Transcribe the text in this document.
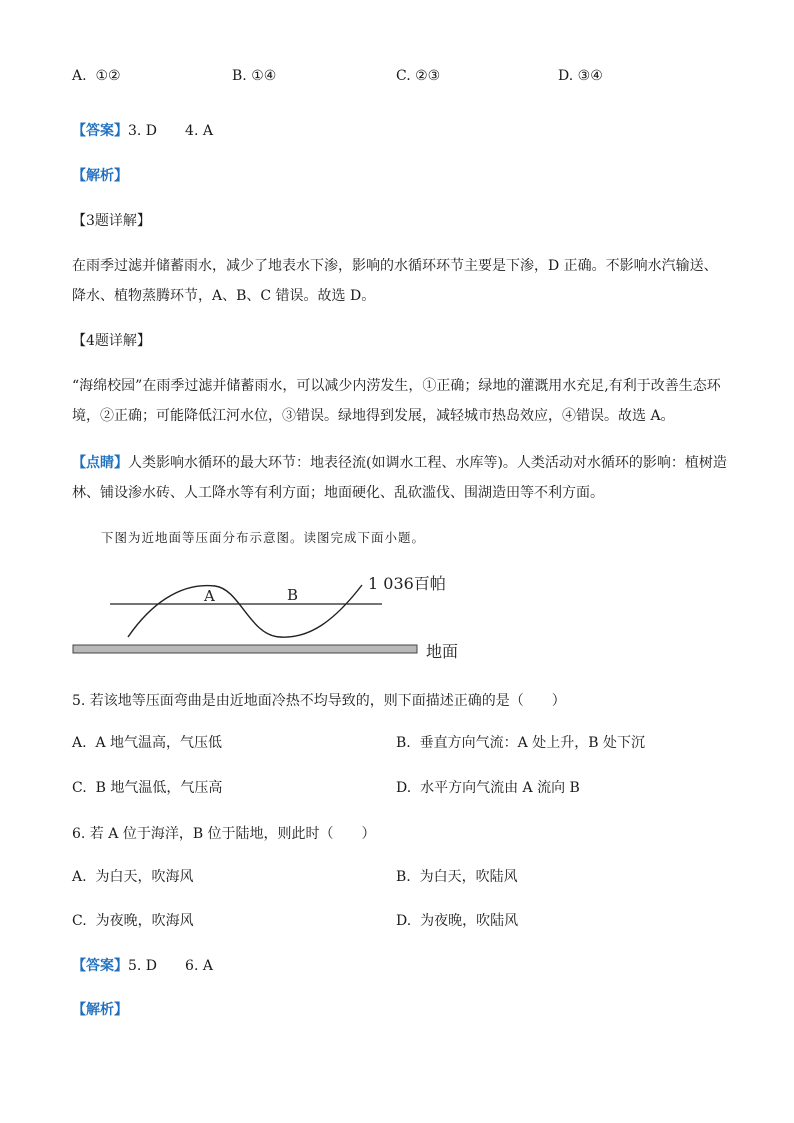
A. ①②	B. ①④	C. ②③	D. ③④
【答案】3. D　　4. A
【解析】
【3题详解】
在雨季过滤并储蓄雨水，减少了地表水下渗，影响的水循环环节主要是下渗，D 正确。不影响水汽输送、降水、植物蒸腾环节，A、B、C 错误。故选 D。
【4题详解】
“海绵校园”在雨季过滤并储蓄雨水，可以减少内涝发生，①正确；绿地的灌溉用水充足,有利于改善生态环境，②正确；可能降低江河水位，③错误。绿地得到发展，减轻城市热岛效应，④错误。故选 A。
【点睛】人类影响水循环的最大环节：地表径流(如调水工程、水库等)。人类活动对水循环的影响：植树造林、铺设渗水砖、人工降水等有利方面；地面硬化、乱砍滥伐、围湖造田等不利方面。
下图为近地面等压面分布示意图。读图完成下面小题。
A	B
1 036百帕
地面
5. 若该地等压面弯曲是由近地面冷热不均导致的，则下面描述正确的是（　　）
A. A 地气温高，气压低	B. 垂直方向气流：A 处上升，B 处下沉
C. B 地气温低，气压高	D. 水平方向气流由 A 流向 B
6. 若 A 位于海洋，B 位于陆地，则此时（　　）
A. 为白天，吹海风	B. 为白天，吹陆风
C. 为夜晚，吹海风	D. 为夜晚，吹陆风
【答案】5. D　　6. A
【解析】
